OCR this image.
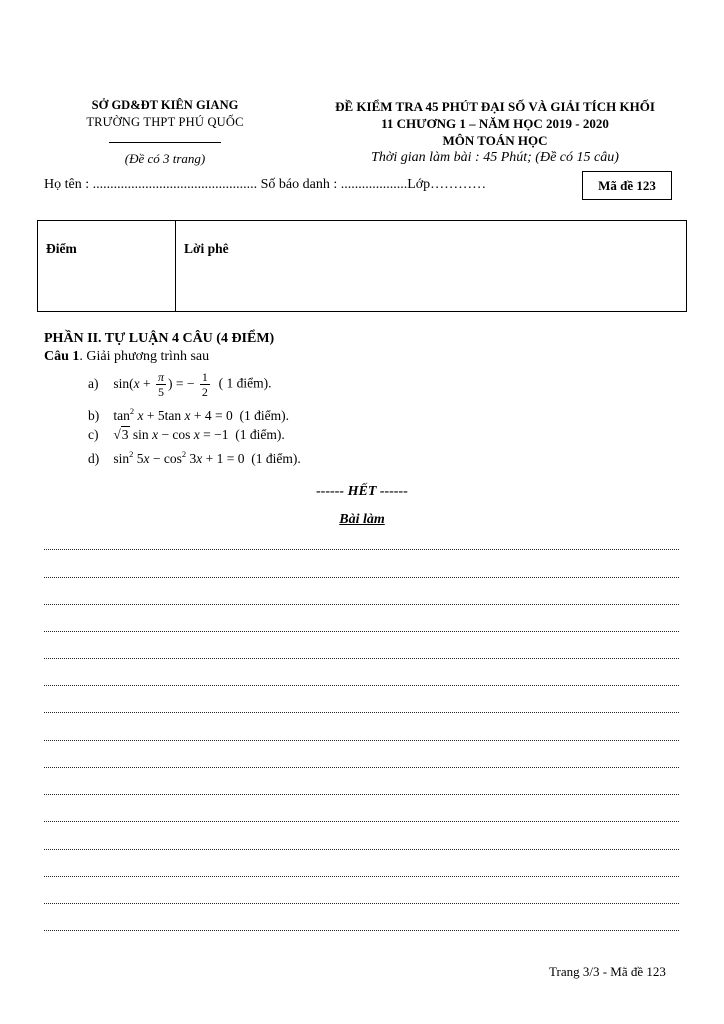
SỞ GD&ĐT KIÊN GIANG
TRƯỜNG THPT PHÚ QUỐC
(Đề có 3 trang)
ĐỀ KIỂM TRA 45 PHÚT ĐẠI SỐ VÀ GIẢI TÍCH KHỐI
11 CHƯƠNG 1 – NĂM HỌC 2019 - 2020
MÔN TOÁN HỌC
Thời gian làm bài : 45 Phút; (Đề có 15 câu)
Họ tên : ............................................... Số báo danh : ...................Lớp…………	Mã đề 123
Điểm	Lời phê
PHẦN II. TỰ LUẬN 4 CÂU (4 ĐIỂM)
Câu 1. Giải phương trình sau
a) $\sin(x + \frac{\pi}{5}$ ) = − $\frac{1}{2}$ ( 1 điểm).
b) $\tan^2 x + 5\tan$ x + 4 = 0 (1 điểm).
c) √3 sin x − cos x = −1 (1 điểm).
d) $\sin^2 5x - \cos^2 3x + 1 = 0$ (1 điểm).
------ HẾT ------
Bài làm
Trang 3/3 - Mã đề 123
